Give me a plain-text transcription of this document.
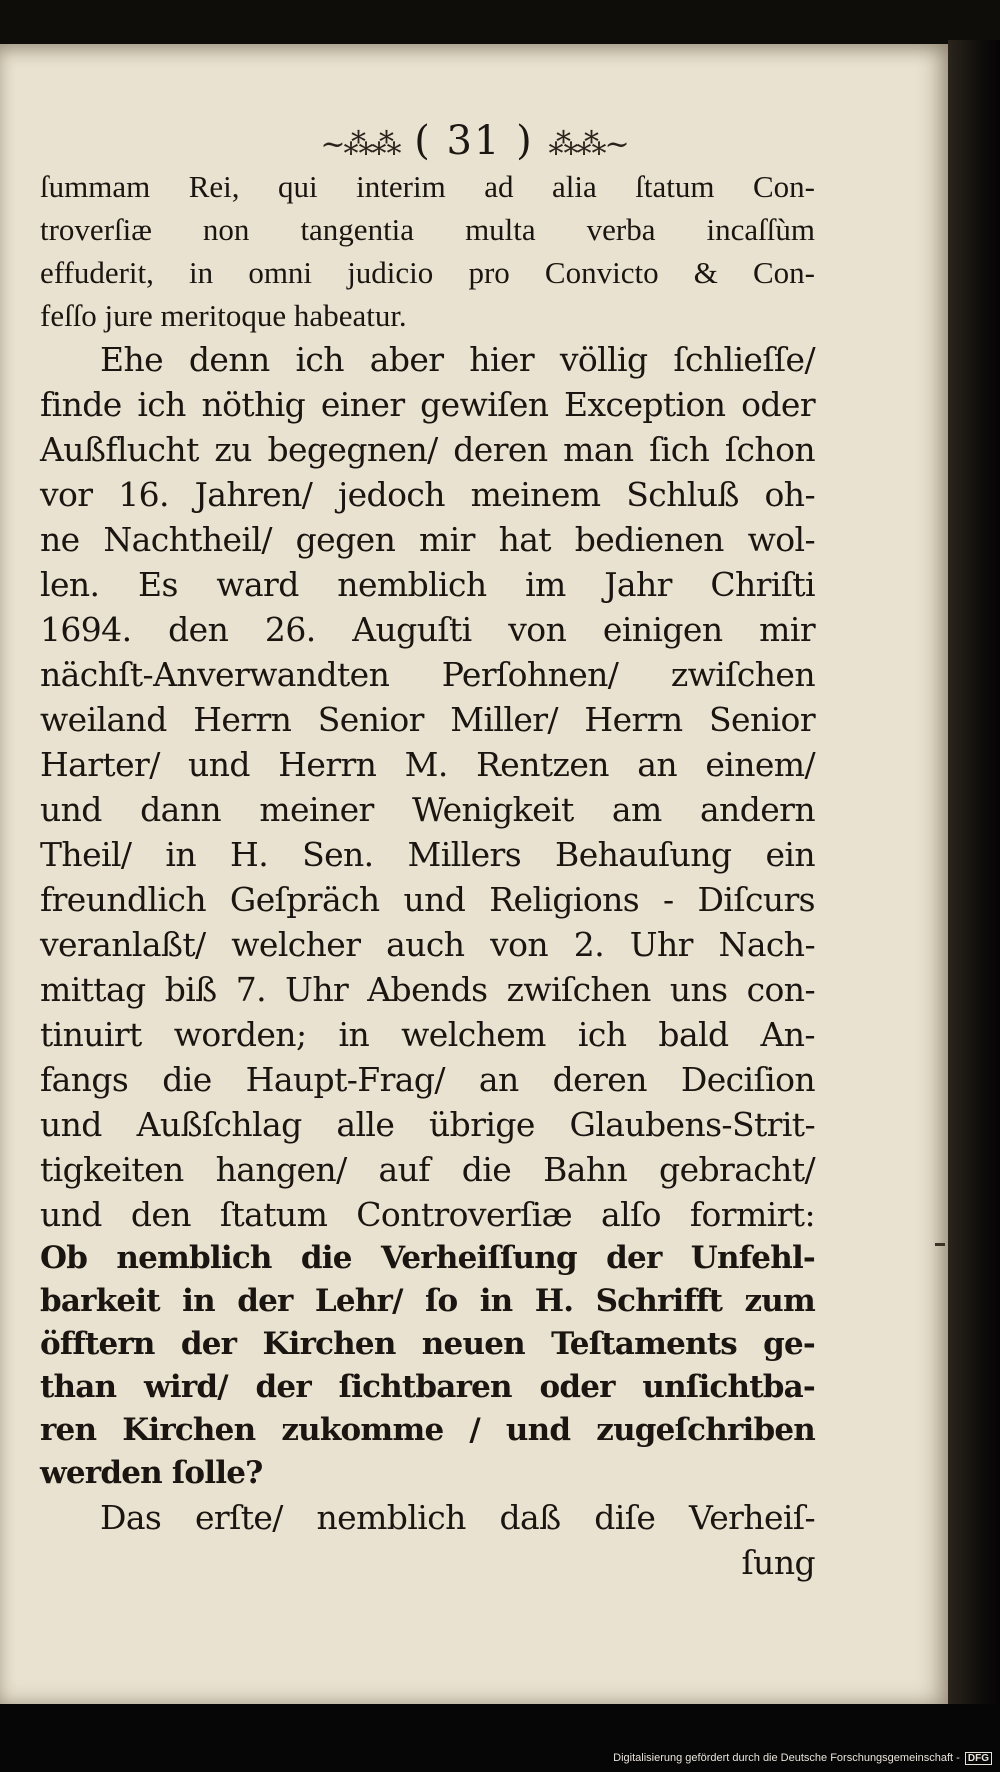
~⁂⁂ ( 31 ) ⁂⁂~
ſummam Rei, qui interim ad alia ſtatum Con-
troverſiæ non tangentia multa verba incaſſùm
effuderit, in omni judicio pro Convicto & Con-
feſſo jure meritoque habeatur.
Ehe denn ich aber hier völlig ſchlieſſe/
finde ich nöthig einer gewiſen Exception oder
Außflucht zu begegnen/ deren man ſich ſchon
vor 16. Jahren/ jedoch meinem Schluß oh-
ne Nachtheil/ gegen mir hat bedienen wol-
len. Es ward nemblich im Jahr Chriſti
1694. den 26. Auguſti von einigen mir
nächſt-Anverwandten Perſohnen/ zwiſchen
weiland Herrn Senior Miller/ Herrn Senior
Harter/ und Herrn M. Rentzen an einem/
und dann meiner Wenigkeit am andern
Theil/ in H. Sen. Millers Behauſung ein
freundlich Geſpräch und Religions - Diſcurs
veranlaßt/ welcher auch von 2. Uhr Nach-
mittag biß 7. Uhr Abends zwiſchen uns con-
tinuirt worden; in welchem ich bald An-
fangs die Haupt-Frag/ an deren Deciſion
und Außſchlag alle übrige Glaubens-Strit-
tigkeiten hangen/ auf die Bahn gebracht/
und den ſtatum Controverſiæ alſo formirt:
Ob nemblich die Verheiſſung der Unfehl-
barkeit in der Lehr/ ſo in H. Schrifft zum
öfftern der Kirchen neuen Teſtaments ge-
than wird/ der ſichtbaren oder unſichtba-
ren Kirchen zukomme / und zugeſchriben
werden ſolle?
Das erſte/ nemblich daß diſe Verheiſ-
ſung
Digitalisierung gefördert durch die Deutsche Forschungsgemeinschaft - DFG
